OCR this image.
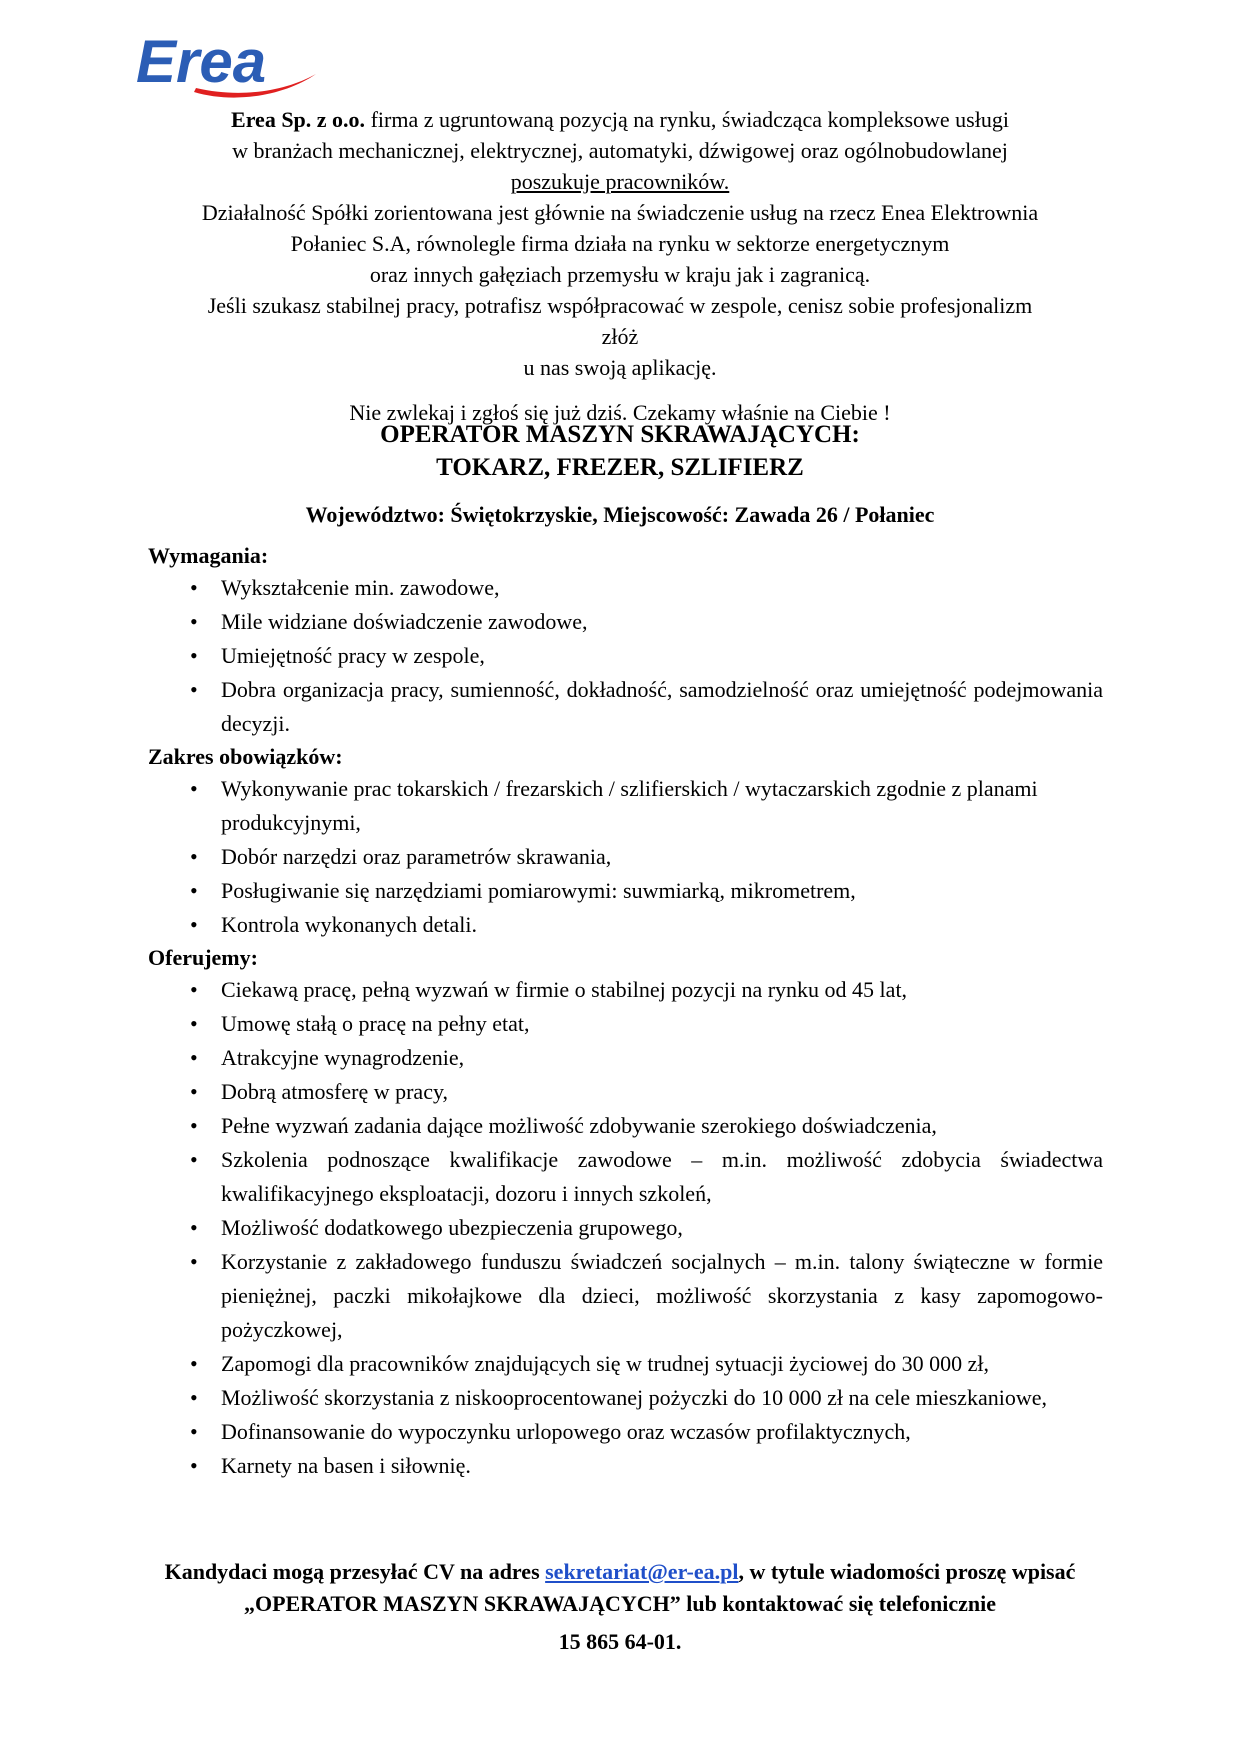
Erea

Erea Sp. z o.o. firma z ugruntowaną pozycją na rynku, świadcząca kompleksowe usługi

w branżach mechanicznej, elektrycznej, automatyki, dźwigowej oraz ogólnobudowlanej

poszukuje pracowników.

Działalność Spółki zorientowana jest głównie na świadczenie usług na rzecz Enea Elektrownia

Połaniec S.A, równolegle firma działa na rynku w sektorze energetycznym

oraz innych gałęziach przemysłu w kraju jak i zagranicą.

Jeśli szukasz stabilnej pracy, potrafisz współpracować w zespole, cenisz sobie profesjonalizm

złóż

u nas swoją aplikację.

Nie zwlekaj i zgłoś się już dziś. Czekamy właśnie na Ciebie !

OPERATOR MASZYN SKRAWAJĄCYCH:
TOKARZ, FREZER, SZLIFIERZ
Województwo: Świętokrzyskie, Miejscowość: Zawada 26 / Połaniec

Wymagania:

• Wykształcenie min. zawodowe,
• Mile widziane doświadczenie zawodowe,
• Umiejętność pracy w zespole,
• Dobra organizacja pracy, sumienność, dokładność, samodzielność oraz umiejętność podejmowania decyzji.

Zakres obowiązków:

• Wykonywanie prac tokarskich / frezarskich / szlifierskich / wytaczarskich zgodnie z planami produkcyjnymi,
• Dobór narzędzi oraz parametrów skrawania,
• Posługiwanie się narzędziami pomiarowymi: suwmiarką, mikrometrem,
• Kontrola wykonanych detali.

Oferujemy:

• Ciekawą pracę, pełną wyzwań w firmie o stabilnej pozycji na rynku od 45 lat,
• Umowę stałą o pracę na pełny etat,
• Atrakcyjne wynagrodzenie,
• Dobrą atmosferę w pracy,
• Pełne wyzwań zadania dające możliwość zdobywanie szerokiego doświadczenia,
• Szkolenia podnoszące kwalifikacje zawodowe – m.in. możliwość zdobycia świadectwa kwalifikacyjnego eksploatacji, dozoru i innych szkoleń,
• Możliwość dodatkowego ubezpieczenia grupowego,
• Korzystanie z zakładowego funduszu świadczeń socjalnych – m.in. talony świąteczne w formie pieniężnej, paczki mikołajkowe dla dzieci, możliwość skorzystania z kasy zapomogowo-pożyczkowej,
• Zapomogi dla pracowników znajdujących się w trudnej sytuacji życiowej do 30 000 zł,
• Możliwość skorzystania z niskooprocentowanej pożyczki do 10 000 zł na cele mieszkaniowe,
• Dofinansowanie do wypoczynku urlopowego oraz wczasów profilaktycznych,
• Karnety na basen i siłownię.
Kandydaci mogą przesyłać CV na adres sekretariat@er-ea.pl, w tytule wiadomości proszę wpisać „OPERATOR MASZYN SKRAWAJĄCYCH” lub kontaktować się telefonicznie
15 865 64-01.
